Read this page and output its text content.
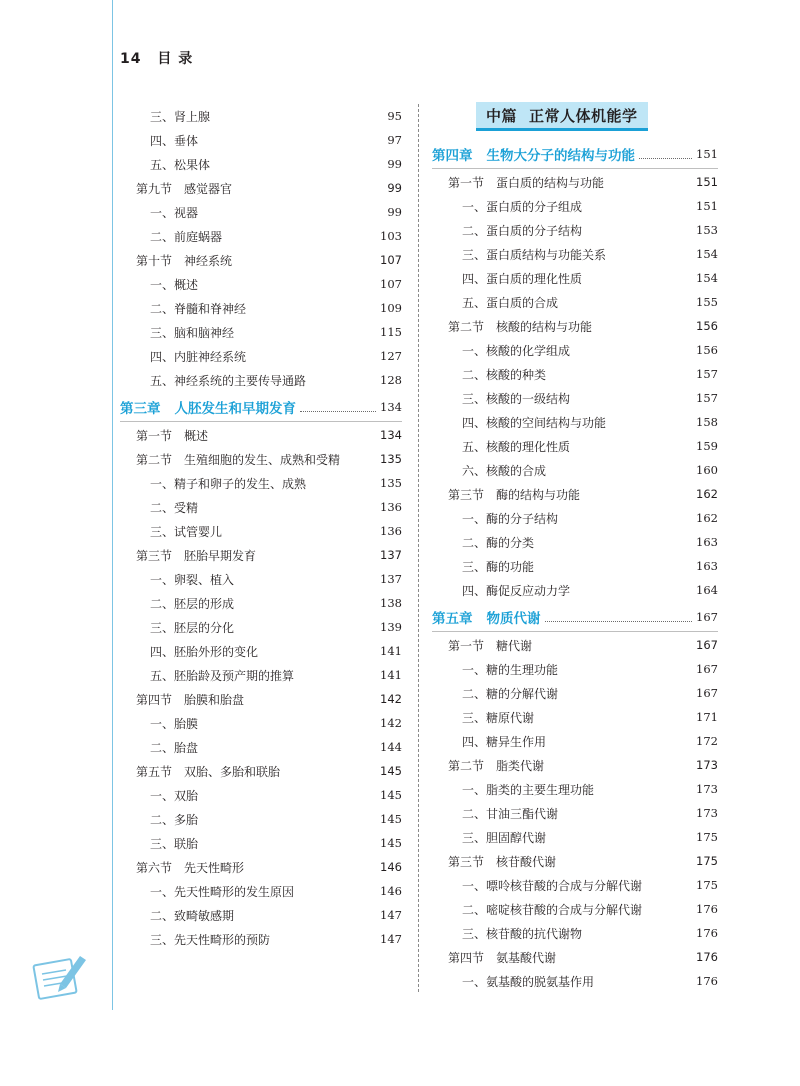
14 目 录
三、肾上腺	95
四、垂体	97
五、松果体	99
第九节　感觉器官	99
一、视器	99
二、前庭蜗器	103
第十节　神经系统	107
一、概述	107
二、脊髓和脊神经	109
三、脑和脑神经	115
四、内脏神经系统	127
五、神经系统的主要传导通路	128
第三章 人胚发生和早期发育	134
第一节　概述	134
第二节　生殖细胞的发生、成熟和受精	135
一、精子和卵子的发生、成熟	135
二、受精	136
三、试管婴儿	136
第三节　胚胎早期发育	137
一、卵裂、植入	137
二、胚层的形成	138
三、胚层的分化	139
四、胚胎外形的变化	141
五、胚胎龄及预产期的推算	141
第四节　胎膜和胎盘	142
一、胎膜	142
二、胎盘	144
第五节　双胎、多胎和联胎	145
一、双胎	145
二、多胎	145
三、联胎	145
第六节　先天性畸形	146
一、先天性畸形的发生原因	146
二、致畸敏感期	147
三、先天性畸形的预防	147
中篇 正常人体机能学
第四章 生物大分子的结构与功能	151
第一节　蛋白质的结构与功能	151
一、蛋白质的分子组成	151
二、蛋白质的分子结构	153
三、蛋白质结构与功能关系	154
四、蛋白质的理化性质	154
五、蛋白质的合成	155
第二节　核酸的结构与功能	156
一、核酸的化学组成	156
二、核酸的种类	157
三、核酸的一级结构	157
四、核酸的空间结构与功能	158
五、核酸的理化性质	159
六、核酸的合成	160
第三节　酶的结构与功能	162
一、酶的分子结构	162
二、酶的分类	163
三、酶的功能	163
四、酶促反应动力学	164
第五章 物质代谢	167
第一节　糖代谢	167
一、糖的生理功能	167
二、糖的分解代谢	167
三、糖原代谢	171
四、糖异生作用	172
第二节　脂类代谢	173
一、脂类的主要生理功能	173
二、甘油三酯代谢	173
三、胆固醇代谢	175
第三节　核苷酸代谢	175
一、嘌呤核苷酸的合成与分解代谢	175
二、嘧啶核苷酸的合成与分解代谢	176
三、核苷酸的抗代谢物	176
第四节　氨基酸代谢	176
一、氨基酸的脱氨基作用	176
